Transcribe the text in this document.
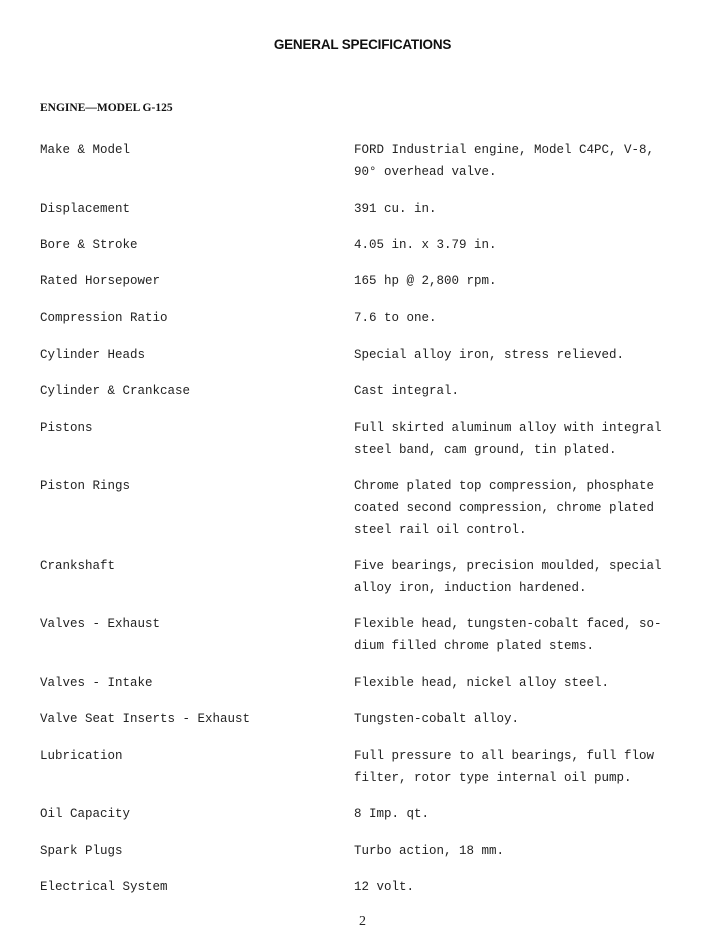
GENERAL SPECIFICATIONS
ENGINE—MODEL G-125
Make & Model	FORD Industrial engine, Model C4PC, V-8,
90° overhead valve.
Displacement	391 cu. in.
Bore & Stroke	4.05 in. x 3.79 in.
Rated Horsepower	165 hp @ 2,800 rpm.
Compression Ratio	7.6 to one.
Cylinder Heads	Special alloy iron, stress relieved.
Cylinder & Crankcase	Cast integral.
Pistons	Full skirted aluminum alloy with integral
steel band, cam ground, tin plated.
Piston Rings	Chrome plated top compression, phosphate
coated second compression, chrome plated
steel rail oil control.
Crankshaft	Five bearings, precision moulded, special
alloy iron, induction hardened.
Valves - Exhaust	Flexible head, tungsten-cobalt faced, so-
dium filled chrome plated stems.
Valves - Intake	Flexible head, nickel alloy steel.
Valve Seat Inserts - Exhaust	Tungsten-cobalt alloy.
Lubrication	Full pressure to all bearings, full flow
filter, rotor type internal oil pump.
Oil Capacity	8 Imp. qt.
Spark Plugs	Turbo action, 18 mm.
Electrical System	12 volt.
2
